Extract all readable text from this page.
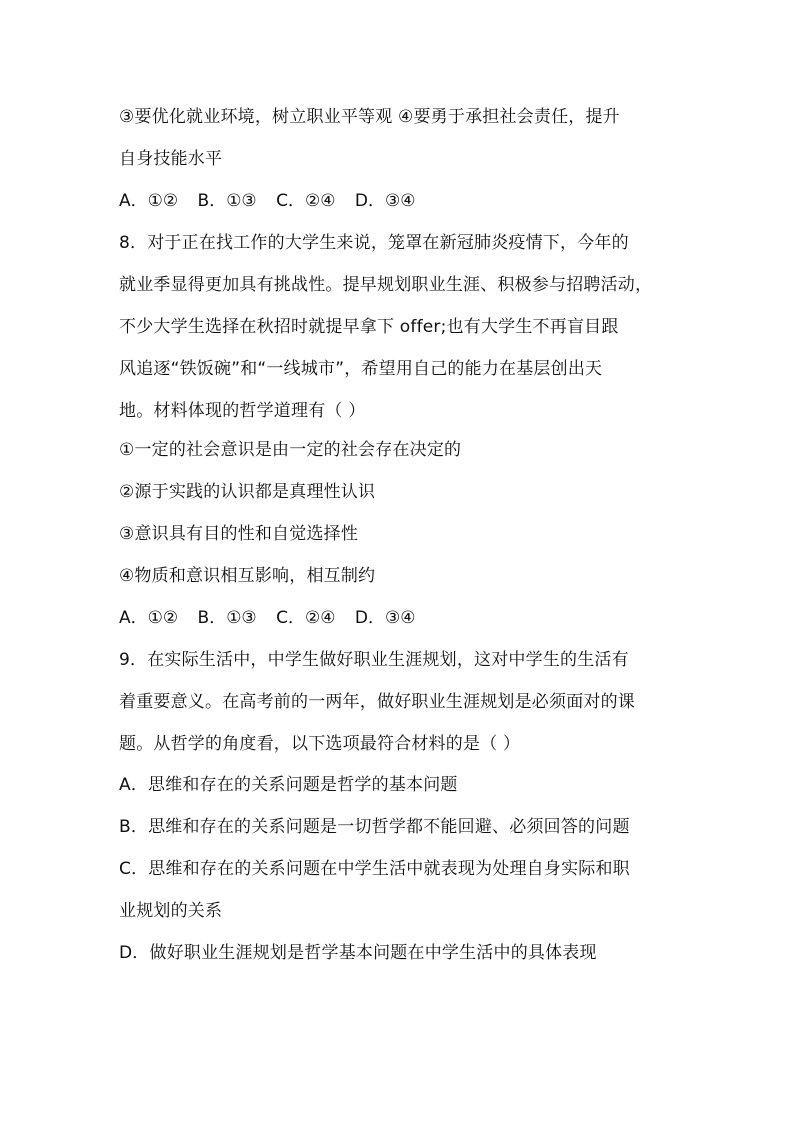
③要优化就业环境，树立职业平等观 ④要勇于承担社会责任，提升
自身技能水平
A．①② B．①③ C．②④ D．③④
8．对于正在找工作的大学生来说，笼罩在新冠肺炎疫情下，今年的
就业季显得更加具有挑战性。提早规划职业生涯、积极参与招聘活动，
不少大学生选择在秋招时就提早拿下 offer;也有大学生不再盲目跟
风追逐“铁饭碗”和“一线城市”，希望用自己的能力在基层创出天
地。材料体现的哲学道理有（ ）
①一定的社会意识是由一定的社会存在决定的
②源于实践的认识都是真理性认识
③意识具有目的性和自觉选择性
④物质和意识相互影响，相互制约
A．①② B．①③ C．②④ D．③④
9．在实际生活中，中学生做好职业生涯规划，这对中学生的生活有
着重要意义。在高考前的一两年，做好职业生涯规划是必须面对的课
题。从哲学的角度看，以下选项最符合材料的是（ ）
A．思维和存在的关系问题是哲学的基本问题
B．思维和存在的关系问题是一切哲学都不能回避、必须回答的问题
C．思维和存在的关系问题在中学生活中就表现为处理自身实际和职
业规划的关系
D．做好职业生涯规划是哲学基本问题在中学生活中的具体表现
